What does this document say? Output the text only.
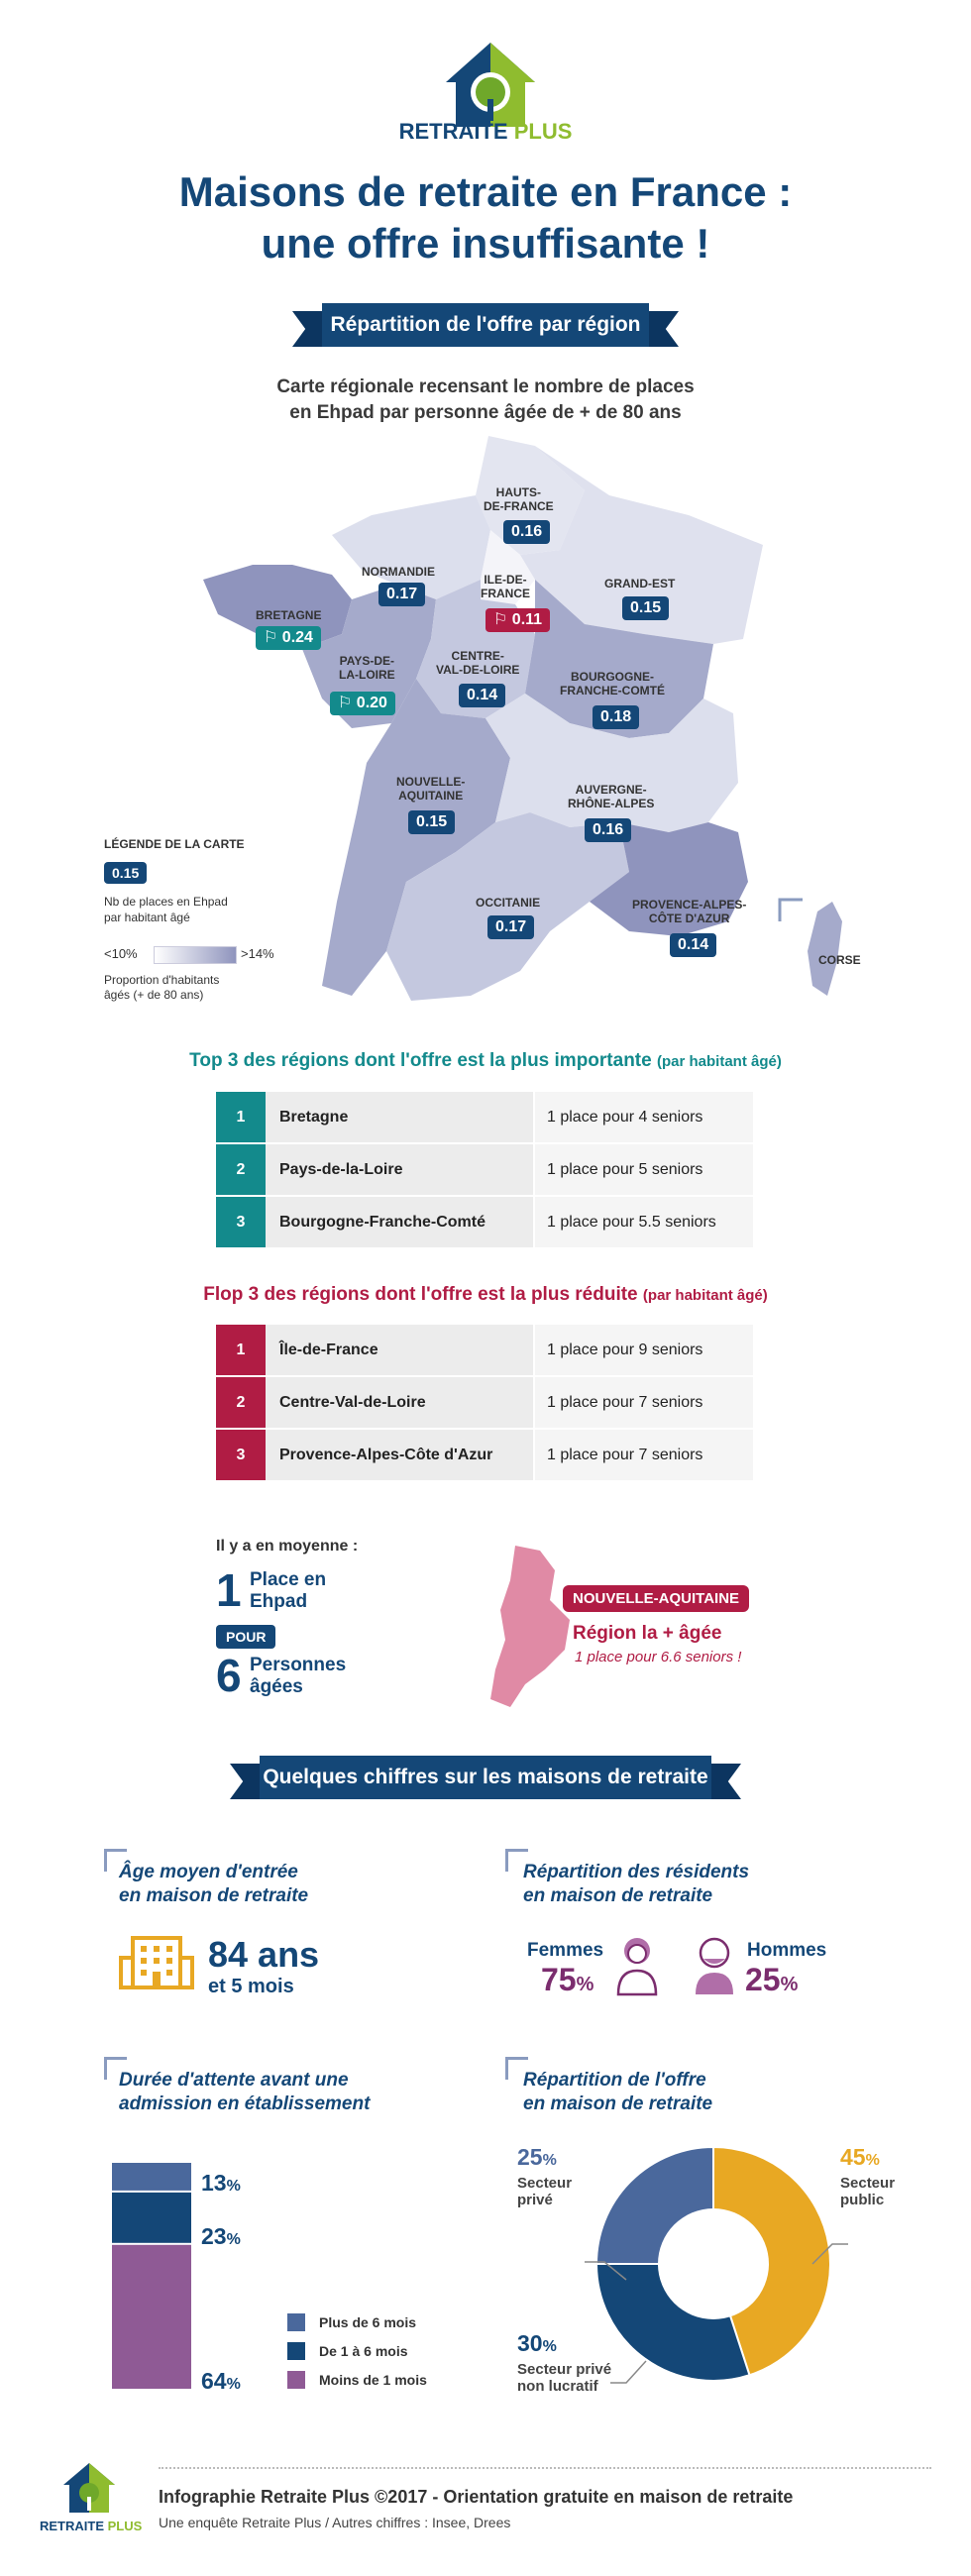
RETRAITE PLUS
Maisons de retraite en France :
une offre insuffisante !
Répartition de l'offre par région
Carte régionale recensant le nombre de places
en Ehpad par personne âgée de + de 80 ans
HAUTS-
DE-FRANCE
0.16
NORMANDIE
0.17
ILE-DE-
FRANCE
⚐ 0.11
GRAND-EST
0.15
BRETAGNE
⚐ 0.24
PAYS-DE-
LA-LOIRE
⚐ 0.20
CENTRE-
VAL-DE-LOIRE
0.14
BOURGOGNE-
FRANCHE-COMTÉ
0.18
NOUVELLE-
AQUITAINE
0.15
AUVERGNE-
RHÔNE-ALPES
0.16
OCCITANIE
0.17
PROVENCE-ALPES-
CÔTE D'AZUR
0.14
CORSE
LÉGENDE DE LA CARTE
0.15
Nb de places en Ehpad
par habitant âgé
<10%	>14%
Proportion d'habitants
âgés (+ de 80 ans)
Top 3 des régions dont l'offre est la plus importante (par habitant âgé)
1	Bretagne	1 place pour 4 seniors
2	Pays-de-la-Loire	1 place pour 5 seniors
3	Bourgogne-Franche-Comté	1 place pour 5.5 seniors
Flop 3 des régions dont l'offre est la plus réduite (par habitant âgé)
1	Île-de-France	1 place pour 9 seniors
2	Centre-Val-de-Loire	1 place pour 7 seniors
3	Provence-Alpes-Côte d'Azur	1 place pour 7 seniors
Il y a en moyenne :
1 Place en
Ehpad
POUR
6 Personnes
âgées
NOUVELLE-AQUITAINE
Région la + âgée
1 place pour 6.6 seniors !
Quelques chiffres sur les maisons de retraite
Âge moyen d'entrée
en maison de retraite
84 ans
et 5 mois
Répartition des résidents
en maison de retraite
Femmes
75%
Hommes
25%
Durée d'attente avant une
admission en établissement
13%
23%
64%
Plus de 6 mois
De 1 à 6 mois
Moins de 1 mois
Répartition de l'offre
en maison de retraite
45%
Secteur
public
25%
Secteur
privé
30%
Secteur privé
non lucratif
RETRAITE PLUS
Infographie Retraite Plus ©2017 - Orientation gratuite en maison de retraite
Une enquête Retraite Plus / Autres chiffres : Insee, Drees
